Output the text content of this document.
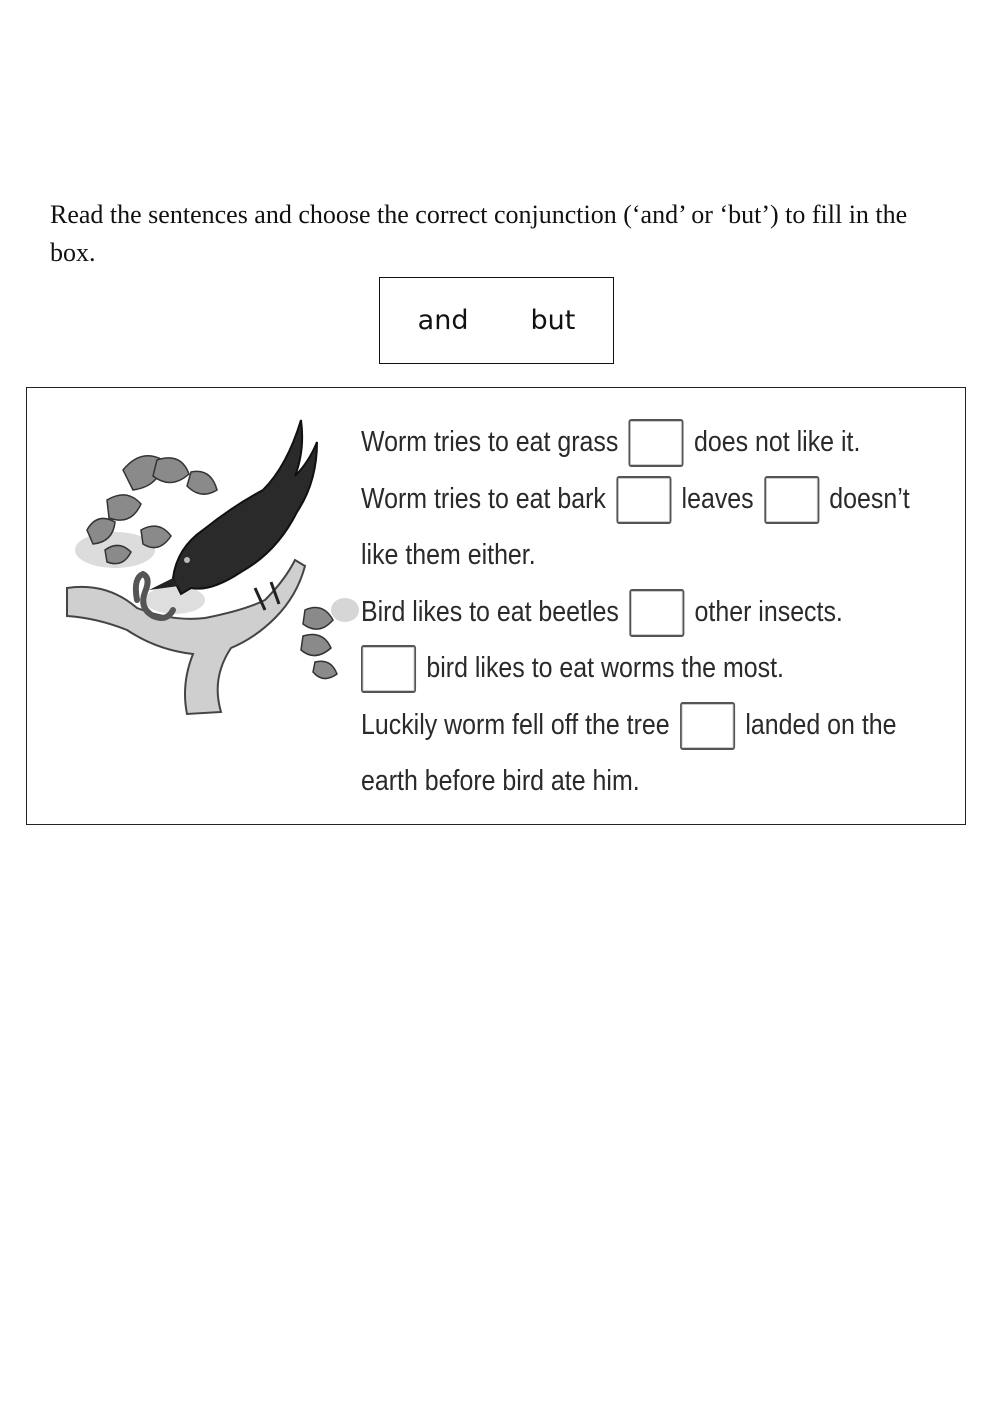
Read the sentences and choose the correct conjunction (‘and’ or ‘but’) to fill in the box.
and but
Worm tries to eat grass	does not like it.
Worm tries to eat bark	leaves	doesn’t
like them either.
Bird likes to eat beetles	other insects.
bird likes to eat worms the most.
Luckily worm fell off the tree	landed on the
earth before bird ate him.
